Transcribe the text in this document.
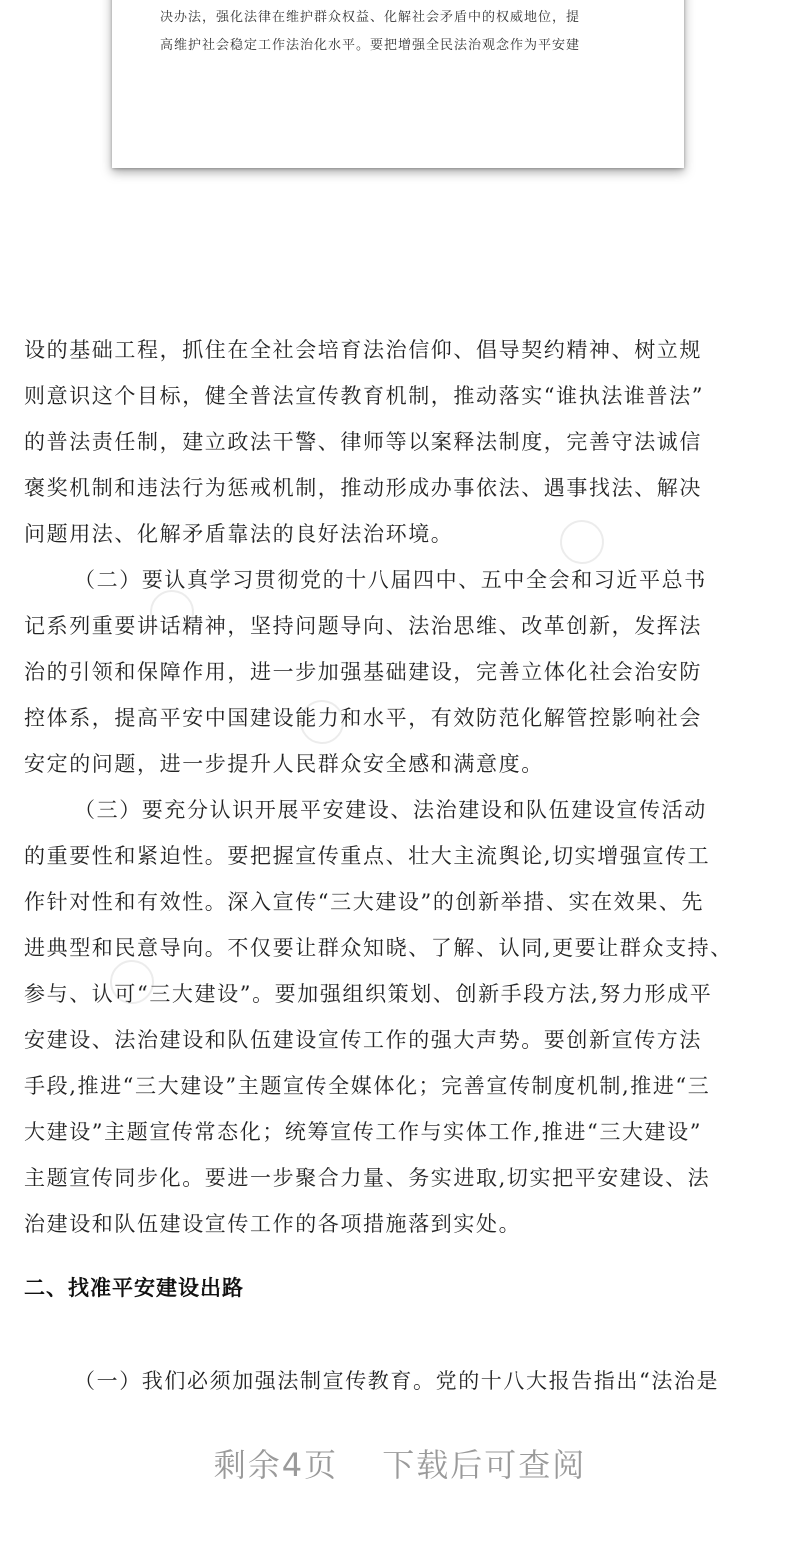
决办法，强化法律在维护群众权益、化解社会矛盾中的权威地位，提
高维护社会稳定工作法治化水平。要把增强全民法治观念作为平安建
设的基础工程，抓住在全社会培育法治信仰、倡导契约精神、树立规
则意识这个目标，健全普法宣传教育机制，推动落实“谁执法谁普法”
的普法责任制，建立政法干警、律师等以案释法制度，完善守法诚信
褒奖机制和违法行为惩戒机制，推动形成办事依法、遇事找法、解决
问题用法、化解矛盾靠法的良好法治环境。
（二）要认真学习贯彻党的十八届四中、五中全会和习近平总书
记系列重要讲话精神，坚持问题导向、法治思维、改革创新，发挥法
治的引领和保障作用，进一步加强基础建设，完善立体化社会治安防
控体系，提高平安中国建设能力和水平，有效防范化解管控影响社会
安定的问题，进一步提升人民群众安全感和满意度。
（三）要充分认识开展平安建设、法治建设和队伍建设宣传活动
的重要性和紧迫性。要把握宣传重点、壮大主流舆论,切实增强宣传工
作针对性和有效性。深入宣传“三大建设”的创新举措、实在效果、先
进典型和民意导向。不仅要让群众知晓、了解、认同,更要让群众支持、
参与、认可“三大建设”。要加强组织策划、创新手段方法,努力形成平
安建设、法治建设和队伍建设宣传工作的强大声势。要创新宣传方法
手段,推进“三大建设”主题宣传全媒体化；完善宣传制度机制,推进“三
大建设”主题宣传常态化；统筹宣传工作与实体工作,推进“三大建设”
主题宣传同步化。要进一步聚合力量、务实进取,切实把平安建设、法
治建设和队伍建设宣传工作的各项措施落到实处。
二、找准平安建设出路
（一）我们必须加强法制宣传教育。党的十八大报告指出“法治是
剩余4页 下载后可查阅
